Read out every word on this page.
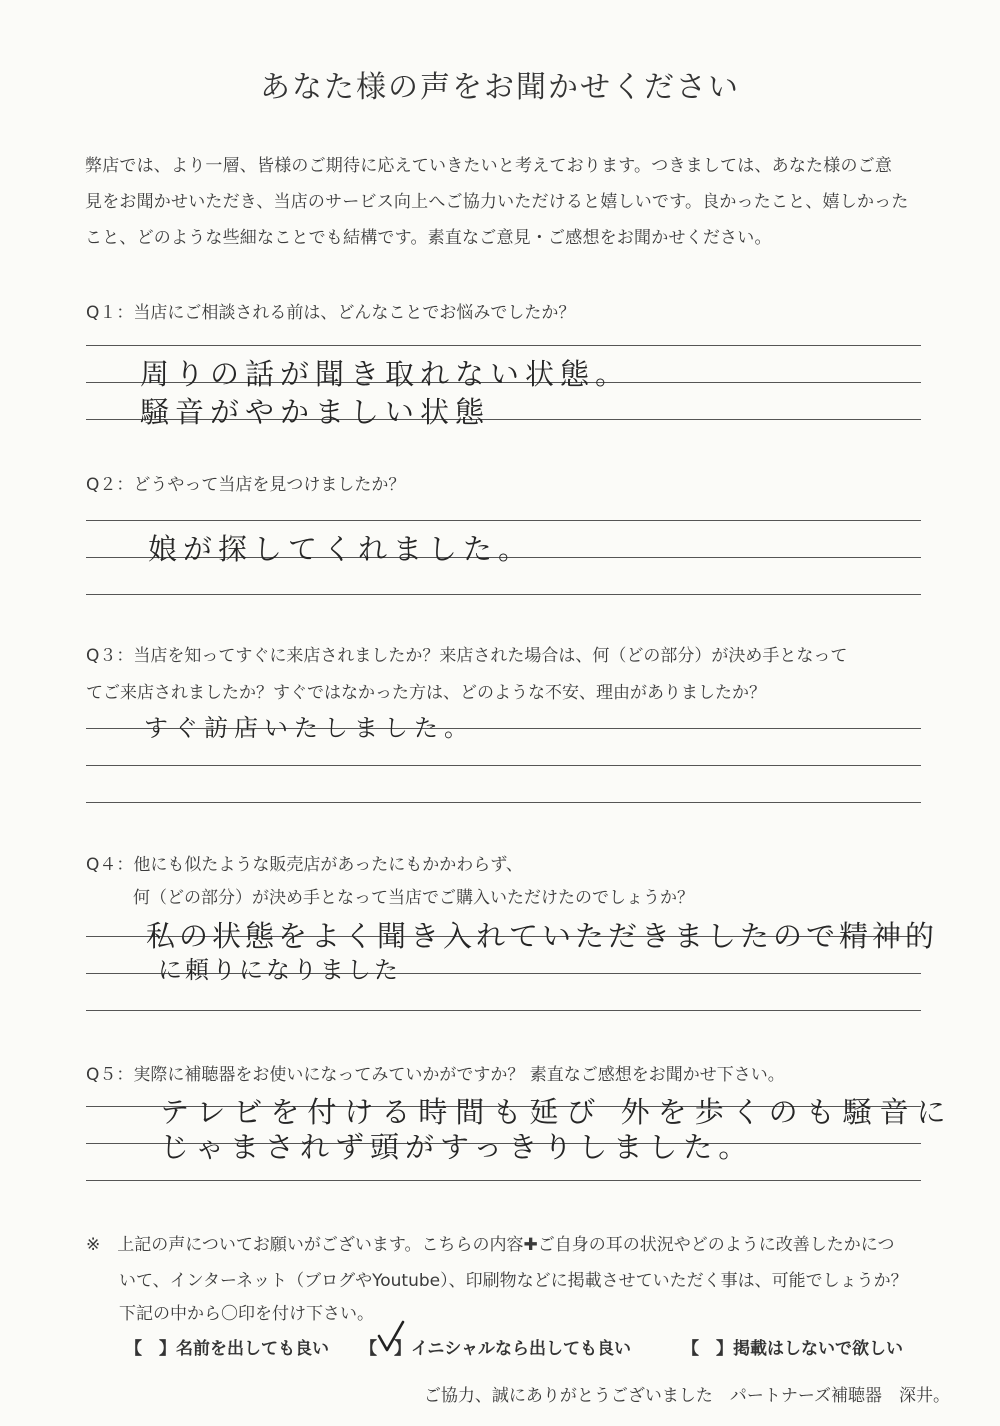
あなた様の声をお聞かせください
弊店では、より一層、皆様のご期待に応えていきたいと考えております。つきましては、あなた様のご意
見をお聞かせいただき、当店のサービス向上へご協力いただけると嬉しいです。良かったこと、嬉しかった
こと、どのような些細なことでも結構です。素直なご意見・ご感想をお聞かせください。
Q１：当店にご相談される前は、どんなことでお悩みでしたか？
周りの話が聞き取れない状態。
騒音がやかましい状態
Q２：どうやって当店を見つけましたか？
娘が探してくれました。
Q３：当店を知ってすぐに来店されましたか？来店された場合は、何（どの部分）が決め手となって
てご来店されましたか？すぐではなかった方は、どのような不安、理由がありましたか？
すぐ訪店いたしました。
Q４：他にも似たような販売店があったにもかかわらず、
何（どの部分）が決め手となって当店でご購入いただけたのでしょうか？
私の状態をよく聞き入れていただきましたので精神的
に頼りになりました
Q５：実際に補聴器をお使いになってみていかがですか？ 素直なご感想をお聞かせ下さい。
テレビを付ける時間も延び 外を歩くのも騒音に
じゃまされず頭がすっきりしました。
※　上記の声についてお願いがございます。こちらの内容✚ご自身の耳の状況やどのように改善したかにつ
いて、インターネット（ブログやYoutube）、印刷物などに掲載させていただく事は、可能でしょうか？
下記の中から〇印を付け下さい。
【　】名前を出しても良い 【　】イニシャルなら出しても良い	【　】掲載はしないで欲しい
ご協力、誠にありがとうございました　パートナーズ補聴器　深井。
